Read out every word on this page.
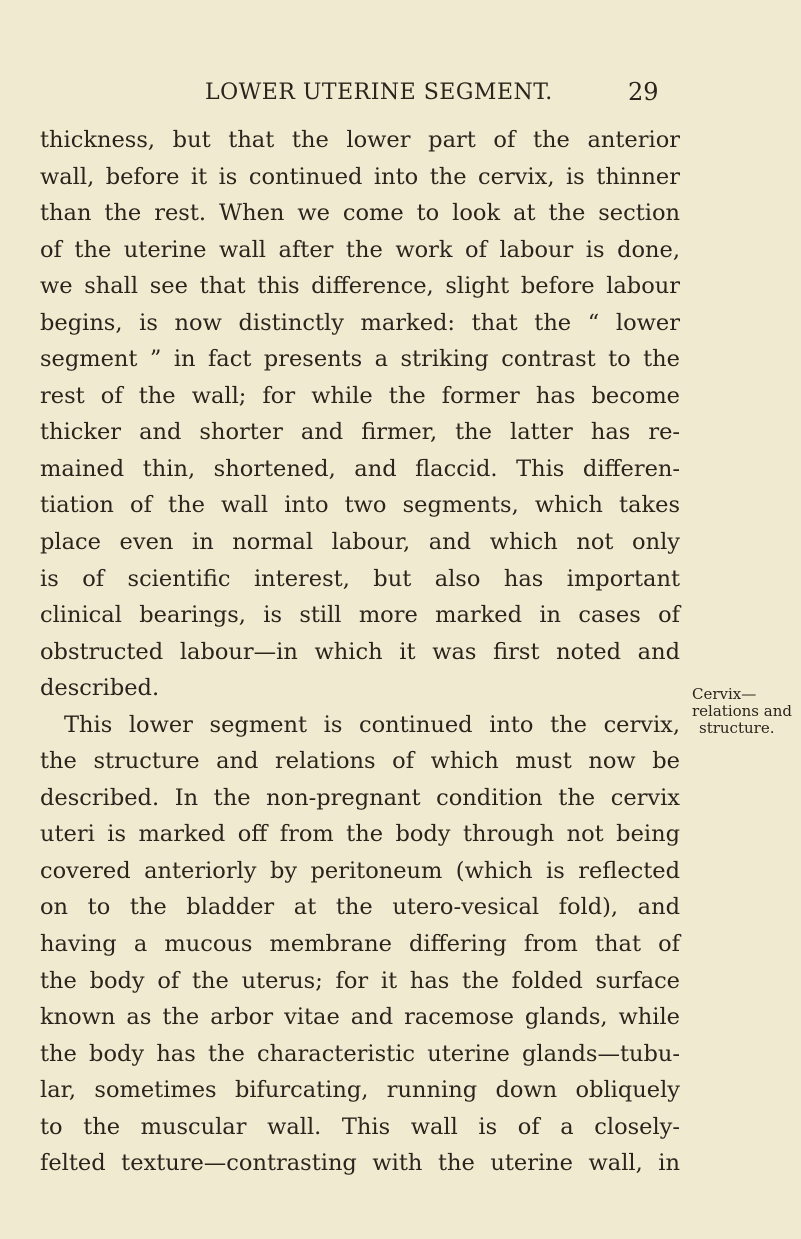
LOWER UTERINE SEGMENT.	29
thickness, but that the lower part of the anterior
wall, before it is continued into the cervix, is thinner
than the rest. When we come to look at the section
of the uterine wall after the work of labour is done,
we shall see that this difference, slight before labour
begins, is now distinctly marked: that the “ lower
segment ” in fact presents a striking contrast to the
rest of the wall; for while the former has become
thicker and shorter and firmer, the latter has re-
mained thin, shortened, and flaccid. This differen-
tiation of the wall into two segments, which takes
place even in normal labour, and which not only
is of scientific interest, but also has important
clinical bearings, is still more marked in cases of
obstructed labour—in which it was first noted and
described.
This lower segment is continued into the cervix,
the structure and relations of which must now be
described. In the non-pregnant condition the cervix
uteri is marked off from the body through not being
covered anteriorly by peritoneum (which is reflected
on to the bladder at the utero-vesical fold), and
having a mucous membrane differing from that of
the body of the uterus; for it has the folded surface
known as the arbor vitae and racemose glands, while
the body has the characteristic uterine glands—tubu-
lar, sometimes bifurcating, running down obliquely
to the muscular wall. This wall is of a closely-
felted texture—contrasting with the uterine wall, in
Cervix—
relations and
structure.
